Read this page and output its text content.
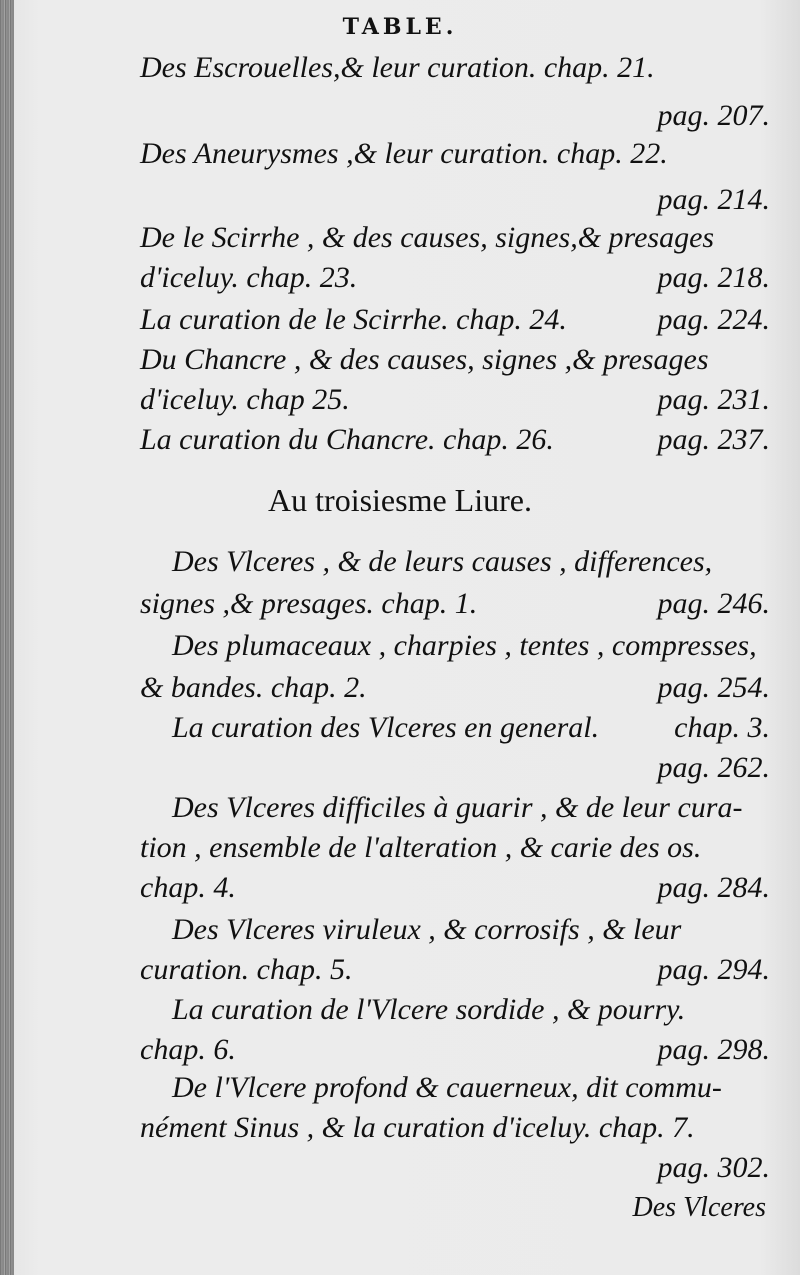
TABLE.
Des Escrouelles,& leur curation. chap. 21.
pag. 207.
Des Aneurysmes ,& leur curation. chap. 22.
pag. 214.
De le Scirrhe , & des causes, signes,& presages
d'iceluy. chap. 23.	pag. 218.
La curation de le Scirrhe. chap. 24.	pag. 224.
Du Chancre , & des causes, signes ,& presages
d'iceluy. chap 25.	pag. 231.
La curation du Chancre. chap. 26.	pag. 237.
Au troisiesme Liure.
Des Vlceres , & de leurs causes , differences,
signes ,& presages. chap. 1.	pag. 246.
Des plumaceaux , charpies , tentes , compresses,
& bandes. chap. 2.	pag. 254.
La curation des Vlceres en general.	chap. 3.
pag. 262.
Des Vlceres difficiles à guarir , & de leur cura-
tion , ensemble de l'alteration , & carie des os.
chap. 4.	pag. 284.
Des Vlceres viruleux , & corrosifs , & leur
curation. chap. 5.	pag. 294.
La curation de l'Vlcere sordide , & pourry.
chap. 6.	pag. 298.
De l'Vlcere profond & cauerneux, dit commu-
nément Sinus , & la curation d'iceluy. chap. 7.
pag. 302.
Des Vlceres
